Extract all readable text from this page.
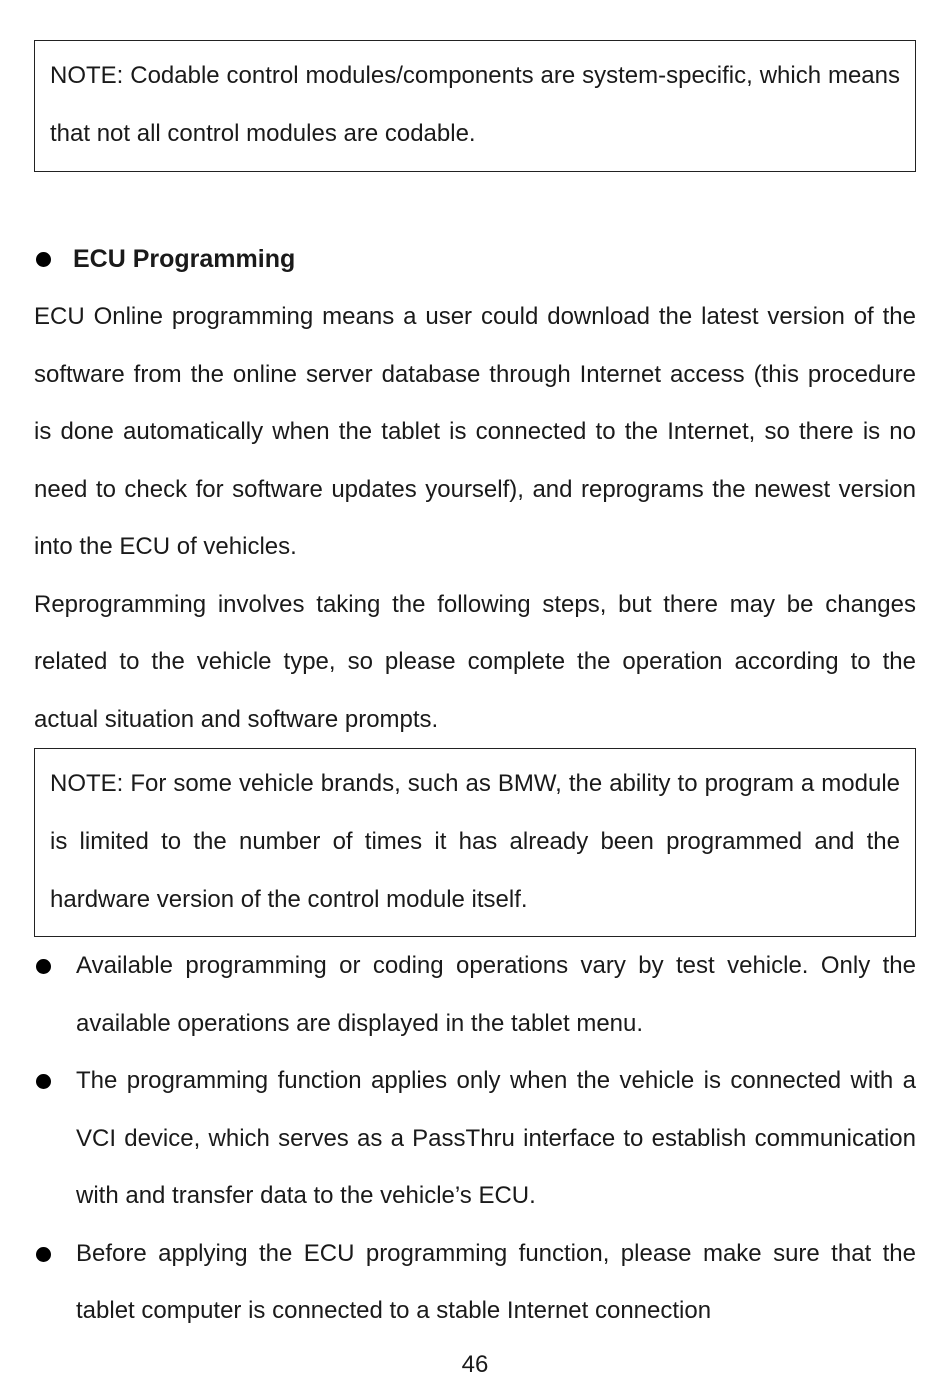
NOTE: Codable control modules/components are system-specific, which means that not all control modules are codable.
ECU Programming

ECU Online programming means a user could download the latest version of the software from the online server database through Internet access (this procedure is done automatically when the tablet is connected to the Internet, so there is no need to check for software updates yourself), and reprograms the newest version into the ECU of vehicles.

Reprogramming involves taking the following steps, but there may be changes related to the vehicle type, so please complete the operation according to the actual situation and software prompts.

NOTE: For some vehicle brands, such as BMW, the ability to program a module is limited to the number of times it has already been programmed and the hardware version of the control module itself.
Available programming or coding operations vary by test vehicle. Only the available operations are displayed in the tablet menu.
The programming function applies only when the vehicle is connected with a VCI device, which serves as a PassThru interface to establish communication with and transfer data to the vehicle’s ECU.
Before applying the ECU programming function, please make sure that the tablet computer is connected to a stable Internet connection
46
